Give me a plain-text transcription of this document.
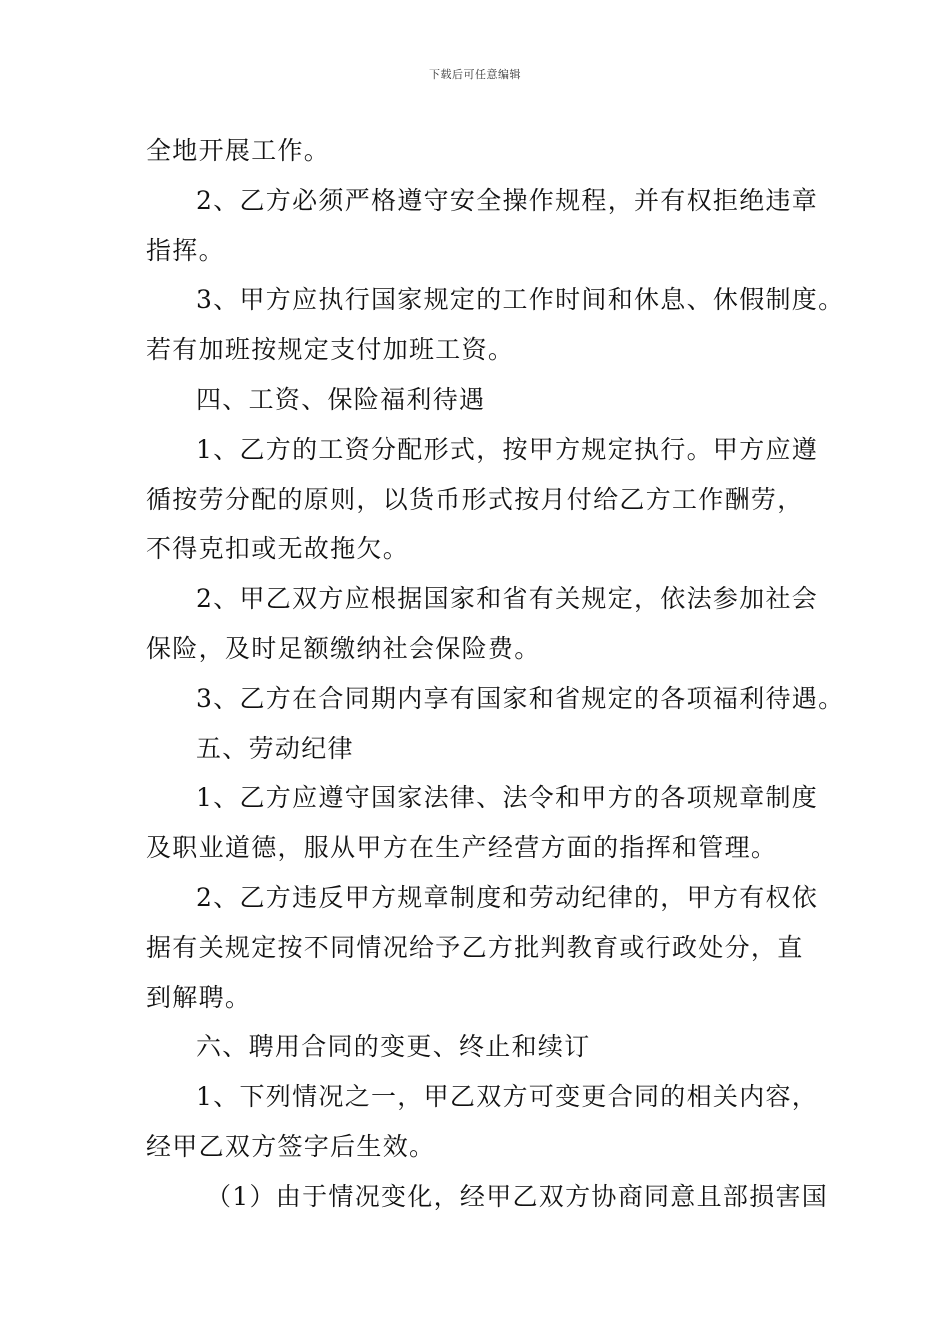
下载后可任意编辑
全地开展工作。
2、乙方必须严格遵守安全操作规程，并有权拒绝违章
指挥。
3、甲方应执行国家规定的工作时间和休息、休假制度。
若有加班按规定支付加班工资。
四、工资、保险福利待遇
1、乙方的工资分配形式，按甲方规定执行。甲方应遵
循按劳分配的原则，以货币形式按月付给乙方工作酬劳，
不得克扣或无故拖欠。
2、甲乙双方应根据国家和省有关规定，依法参加社会
保险，及时足额缴纳社会保险费。
3、乙方在合同期内享有国家和省规定的各项福利待遇。
五、劳动纪律
1、乙方应遵守国家法律、法令和甲方的各项规章制度
及职业道德，服从甲方在生产经营方面的指挥和管理。
2、乙方违反甲方规章制度和劳动纪律的，甲方有权依
据有关规定按不同情况给予乙方批判教育或行政处分，直
到解聘。
六、聘用合同的变更、终止和续订
1、下列情况之一，甲乙双方可变更合同的相关内容，
经甲乙双方签字后生效。
（1）由于情况变化，经甲乙双方协商同意且部损害国
